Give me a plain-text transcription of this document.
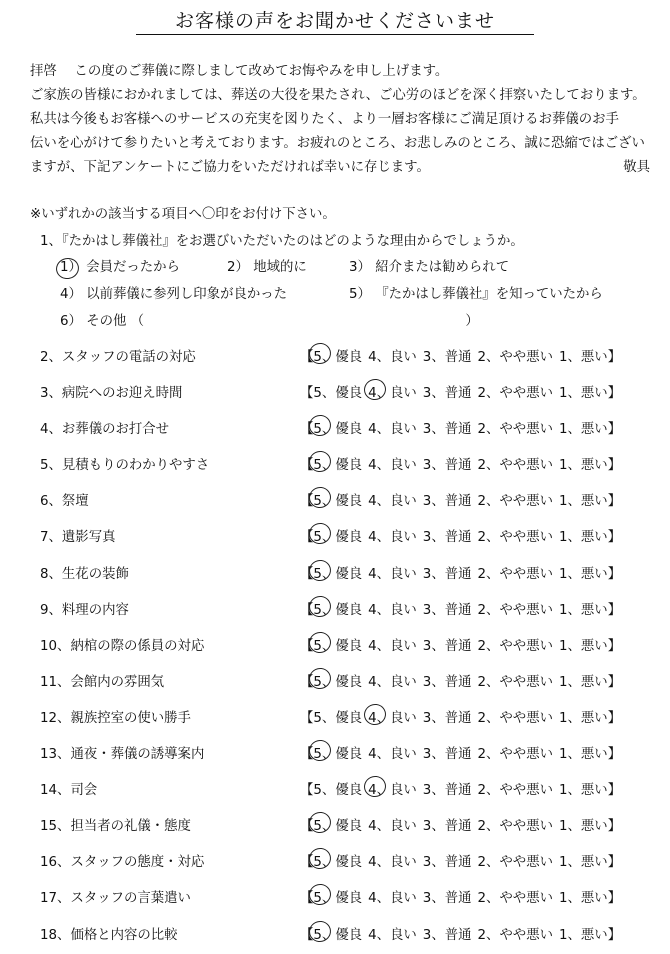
お客様の声をお聞かせくださいませ
拝啓　 この度のご葬儀に際しまして改めてお悔やみを申し上げます。
ご家族の皆様におかれましては、葬送の大役を果たされ、ご心労のほどを深く拝察いたしております。
私共は今後もお客様へのサービスの充実を図りたく、より一層お客様にご満足頂けるお葬儀のお手
伝いを心がけて参りたいと考えております。お疲れのところ、お悲しみのところ、誠に恐縮ではござい
ますが、下記アンケートにご協力をいただければ幸いに存じます。	敬具
※いずれかの該当する項目へ〇印をお付け下さい。
1、『たかはし葬儀社』をお選びいただいたのはどのような理由からでしょうか。
1） 会員だったから	2） 地域的に	3） 紹介または勧められて
4） 以前葬儀に参列し印象が良かった	5） 『たかはし葬儀社』を知っていたから
6） その他 （　　　　　　　　　　　　　　　　　　　　　　　　）
2、スタッフの電話の対応	【5、優良 4、良い 3、普通 2、やや悪い 1、悪い】
3、病院へのお迎え時間	【5、優良 4、良い 3、普通 2、やや悪い 1、悪い】
4、お葬儀のお打合せ	【5、優良 4、良い 3、普通 2、やや悪い 1、悪い】
5、見積もりのわかりやすさ	【5、優良 4、良い 3、普通 2、やや悪い 1、悪い】
6、祭壇	【5、優良 4、良い 3、普通 2、やや悪い 1、悪い】
7、遺影写真	【5、優良 4、良い 3、普通 2、やや悪い 1、悪い】
8、生花の装飾	【5、優良 4、良い 3、普通 2、やや悪い 1、悪い】
9、料理の内容	【5、優良 4、良い 3、普通 2、やや悪い 1、悪い】
10、納棺の際の係員の対応	【5、優良 4、良い 3、普通 2、やや悪い 1、悪い】
11、会館内の雰囲気	【5、優良 4、良い 3、普通 2、やや悪い 1、悪い】
12、親族控室の使い勝手	【5、優良 4、良い 3、普通 2、やや悪い 1、悪い】
13、通夜・葬儀の誘導案内	【5、優良 4、良い 3、普通 2、やや悪い 1、悪い】
14、司会	【5、優良 4、良い 3、普通 2、やや悪い 1、悪い】
15、担当者の礼儀・態度	【5、優良 4、良い 3、普通 2、やや悪い 1、悪い】
16、スタッフの態度・対応	【5、優良 4、良い 3、普通 2、やや悪い 1、悪い】
17、スタッフの言葉遣い	【5、優良 4、良い 3、普通 2、やや悪い 1、悪い】
18、価格と内容の比較	【5、優良 4、良い 3、普通 2、やや悪い 1、悪い】
